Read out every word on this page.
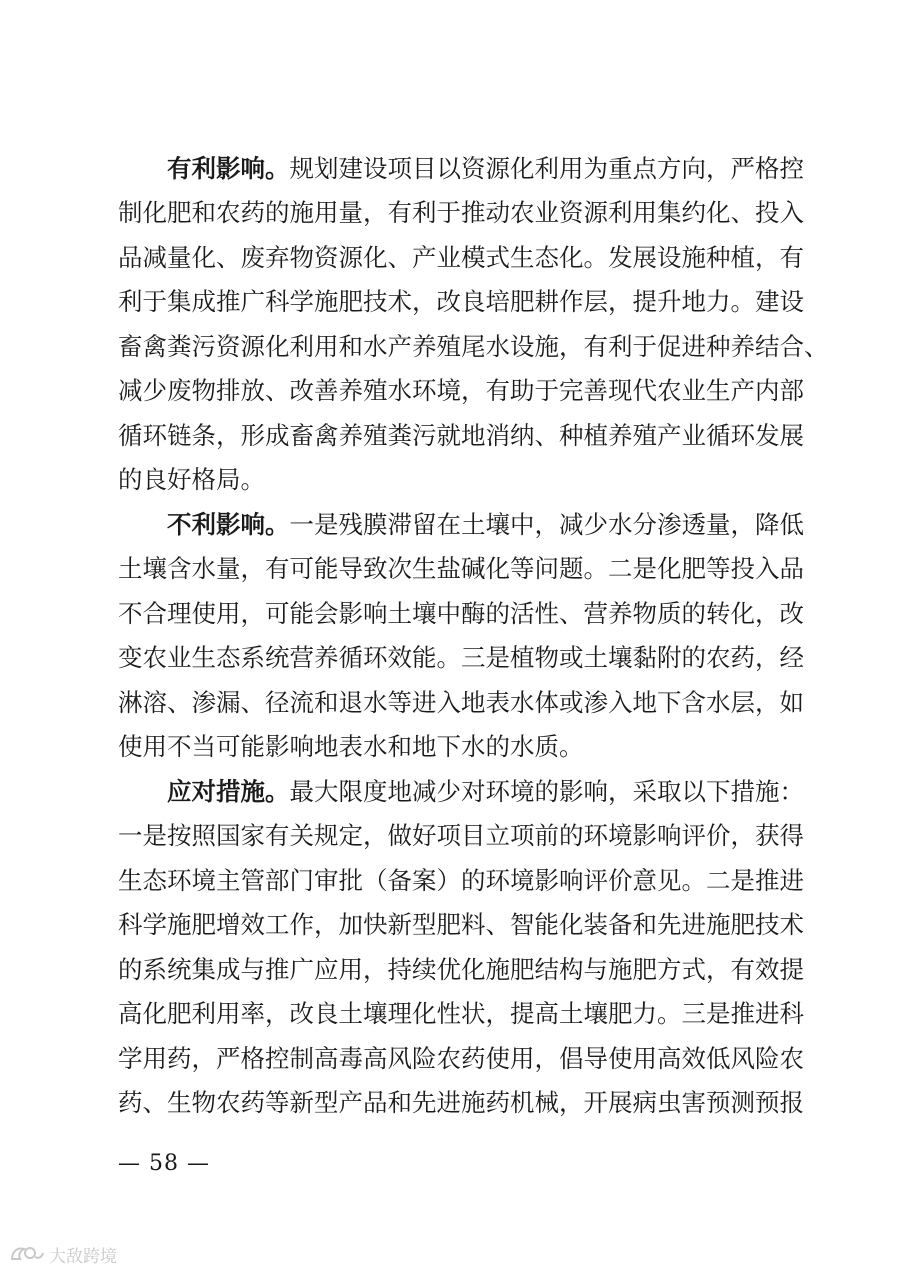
有利影响。规划建设项目以资源化利用为重点方向，严格控
制化肥和农药的施用量，有利于推动农业资源利用集约化、投入
品减量化、废弃物资源化、产业模式生态化。发展设施种植，有
利于集成推广科学施肥技术，改良培肥耕作层，提升地力。建设
畜禽粪污资源化利用和水产养殖尾水设施，有利于促进种养结合、
减少废物排放、改善养殖水环境，有助于完善现代农业生产内部
循环链条，形成畜禽养殖粪污就地消纳、种植养殖产业循环发展
的良好格局。
不利影响。一是残膜滞留在土壤中，减少水分渗透量，降低
土壤含水量，有可能导致次生盐碱化等问题。二是化肥等投入品
不合理使用，可能会影响土壤中酶的活性、营养物质的转化，改
变农业生态系统营养循环效能。三是植物或土壤黏附的农药，经
淋溶、渗漏、径流和退水等进入地表水体或渗入地下含水层，如
使用不当可能影响地表水和地下水的水质。
应对措施。最大限度地减少对环境的影响，采取以下措施：
一是按照国家有关规定，做好项目立项前的环境影响评价，获得
生态环境主管部门审批（备案）的环境影响评价意见。二是推进
科学施肥增效工作，加快新型肥料、智能化装备和先进施肥技术
的系统集成与推广应用，持续优化施肥结构与施肥方式，有效提
高化肥利用率，改良土壤理化性状，提高土壤肥力。三是推进科
学用药，严格控制高毒高风险农药使用，倡导使用高效低风险农
药、生物农药等新型产品和先进施药机械，开展病虫害预测预报
— 58 —
大敌跨境
